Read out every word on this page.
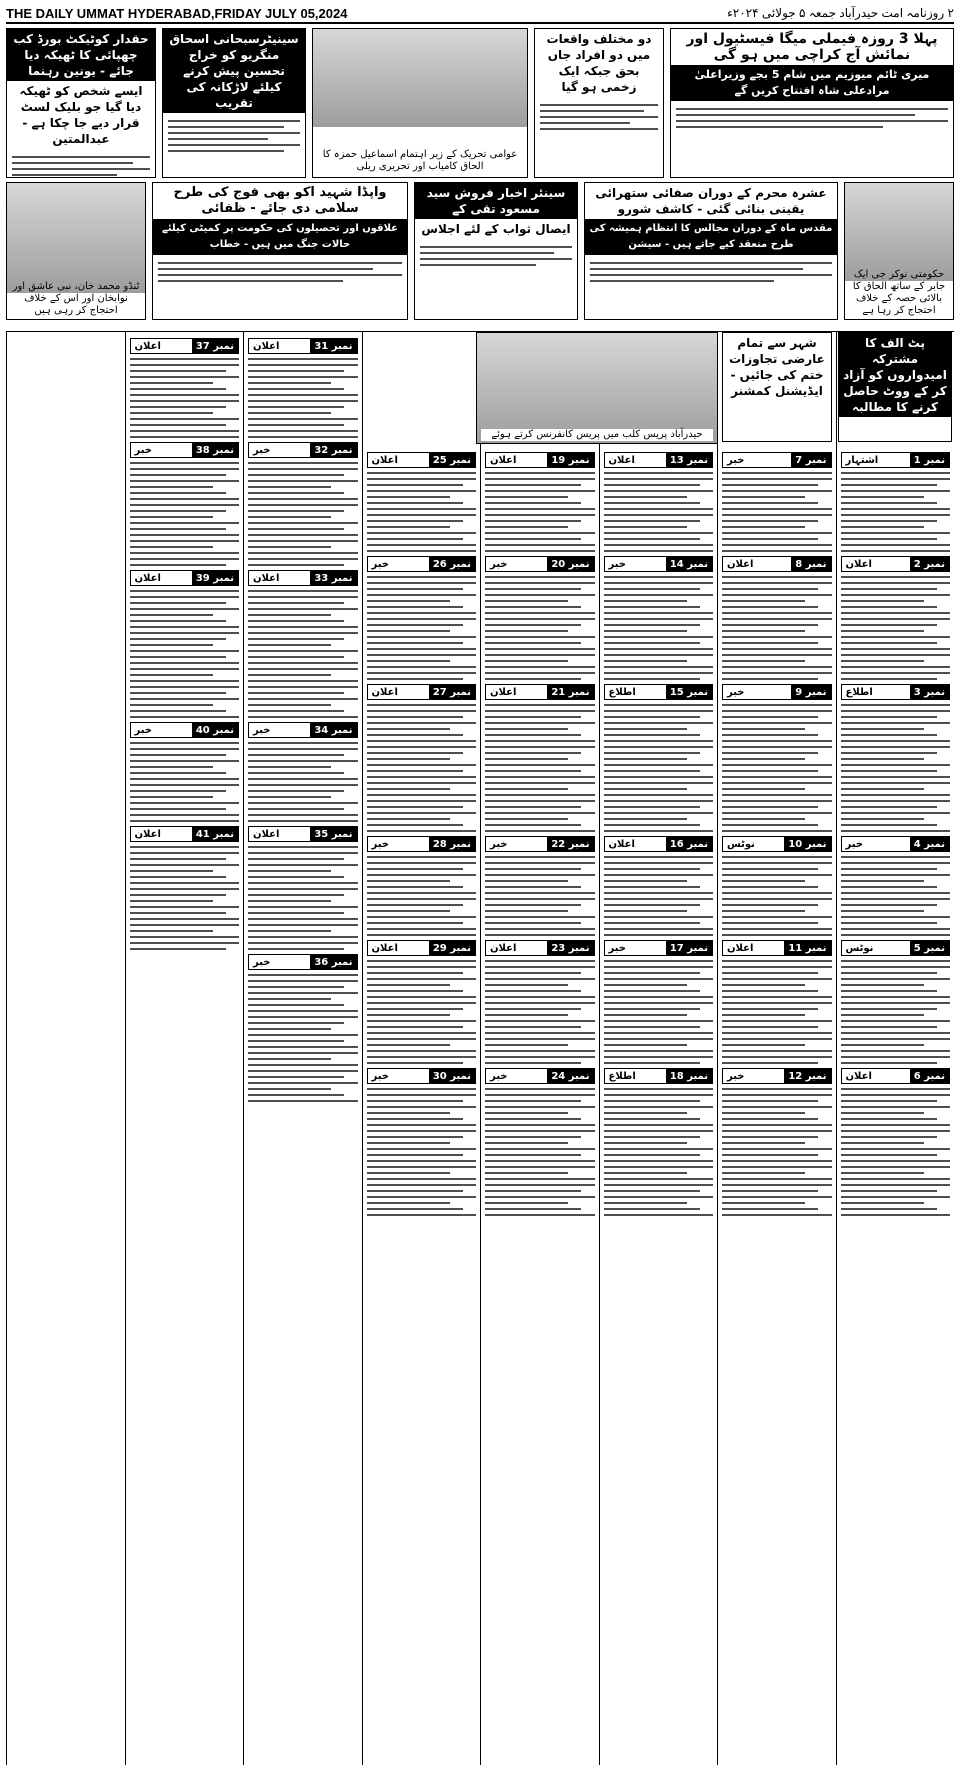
THE DAILY UMMAT HYDERABAD,FRIDAY JULY 05,2024	۲ روزنامہ امت حیدرآباد جمعہ ۵ جولائی ۲۰۲۴ء
حقدار کوٹیکٹ بورڈ کب چھپائی کا ٹھیکہ دیا جائے - یونین رہنما
ایسے شخص کو ٹھیکہ دیا گیا جو بلیک لسٹ قرار دیے جا چکا ہے - عبدالمتین
سینیٹرسبحانی اسحاق منگریو کو خراج تحسین پیش کرنے کیلئے لاڑکانہ کی تقریب
عوامی تحریک کے زیر اہتمام اسماعیل حمزہ کا الحاق کامیاب اور تحریری ریلی
دو مختلف واقعات میں دو افراد جاں بحق جبکہ ایک زخمی ہو گیا
پہلا 3 روزہ فیملی میگا فیسٹیول اور نمائش آج کراچی میں ہو گی
میری ٹائم میوزیم میں شام 5 بجے وزیراعلیٰ مرادعلی شاہ افتتاح کریں گے
ٹنڈو محمد خان، نبی عاشق اور نوابخان اور اس کے خلاف احتجاج کر رہی ہیں
واپڈا شہید اکو بھی فوج کی طرح سلامی دی جائے - ظفائی
علاقوں اور تحصیلوں کی حکومت پر کمیٹی کیلئے حالات جنگ میں ہیں - خطاب
سینئر اخبار فروش سید مسعود تقی کے
ایصال ثواب کے لئے اجلاس
عشرہ محرم کے دوران صفائی ستھرائی یقینی بنائی گئی - کاشف شورو
مقدس ماہ کے دوران مجالس کا انتظام ہمیشہ کی طرح منعقد کیے جاتے ہیں - سیشن
حکومتی نوکر جی ایک جابر کے ساتھ الحاق کا بالائی حصہ کے خلاف احتجاج کر رہا ہے
نمبر 1
اشتہار
نمبر 2
اعلان
نمبر 3
اطلاع
نمبر 4
خبر
نمبر 5
نوٹس
نمبر 6
اعلان
نمبر 7
خبر
نمبر 8
اعلان
نمبر 9
خبر
نمبر 10
نوٹس
نمبر 11
اعلان
نمبر 12
خبر
نمبر 13
اعلان
نمبر 14
خبر
نمبر 15
اطلاع
نمبر 16
اعلان
نمبر 17
خبر
نمبر 18
اطلاع
نمبر 19
اعلان
نمبر 20
خبر
نمبر 21
اعلان
نمبر 22
خبر
نمبر 23
اعلان
نمبر 24
خبر
نمبر 25
اعلان
نمبر 26
خبر
نمبر 27
اعلان
نمبر 28
خبر
نمبر 29
اعلان
نمبر 30
خبر
نمبر 31
اعلان
نمبر 32
خبر
نمبر 33
اعلان
نمبر 34
خبر
نمبر 35
اعلان
نمبر 36
خبر
نمبر 37
اعلان
نمبر 38
خبر
نمبر 39
اعلان
نمبر 40
خبر
نمبر 41
اعلان
حیدرآباد پریس کلب میں پریس کانفرنس کرتے ہوئے
شہر سے تمام عارضی تجاوزات ختم کی جائیں - ایڈیشنل کمشنر
پٹ الف کا مشترکہ امیدواروں کو آزاد کر کے ووٹ حاصل کرنے کا مطالبہ
